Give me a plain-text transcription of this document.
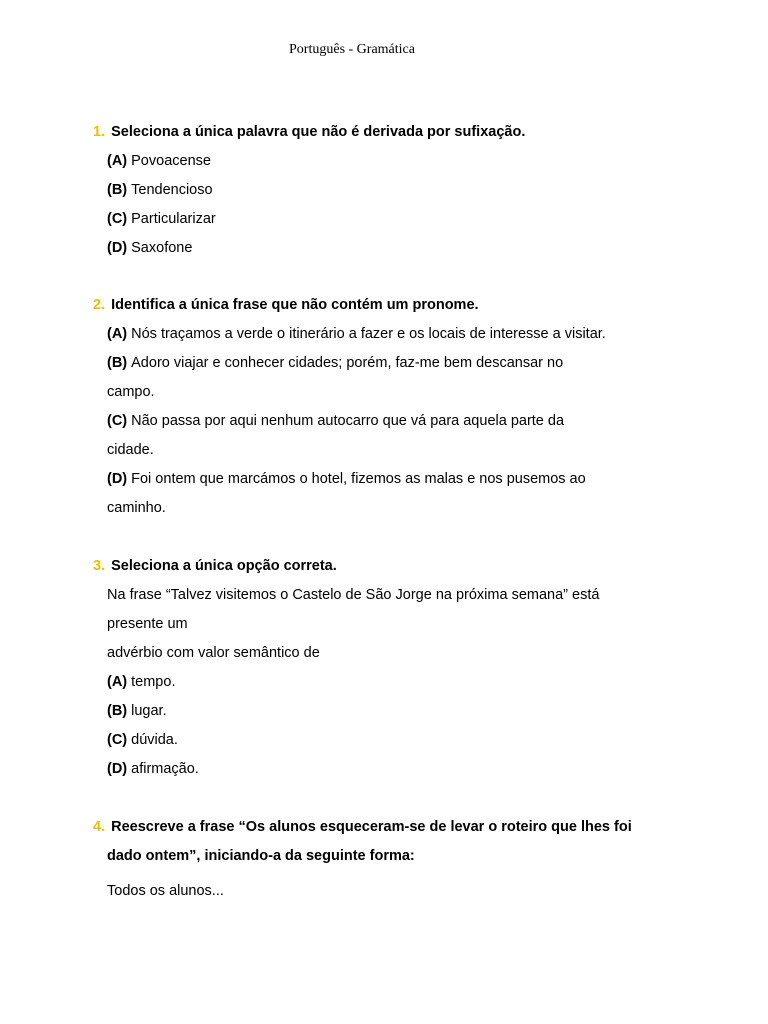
Português - Gramática
1. Seleciona a única palavra que não é derivada por sufixação.
(A) Povoacense
(B) Tendencioso
(C) Particularizar
(D) Saxofone
2. Identifica a única frase que não contém um pronome.
(A) Nós traçamos a verde o itinerário a fazer e os locais de interesse a visitar.
(B) Adoro viajar e conhecer cidades; porém, faz-me bem descansar no
campo.
(C) Não passa por aqui nenhum autocarro que vá para aquela parte da
cidade.
(D) Foi ontem que marcámos o hotel, fizemos as malas e nos pusemos ao
caminho.
3. Seleciona a única opção correta.
Na frase “Talvez visitemos o Castelo de São Jorge na próxima semana” está
presente um
advérbio com valor semântico de
(A) tempo.
(B) lugar.
(C) dúvida.
(D) afirmação.
4. Reescreve a frase “Os alunos esqueceram-se de levar o roteiro que lhes foi
dado ontem”, iniciando-a da seguinte forma:
Todos os alunos...
